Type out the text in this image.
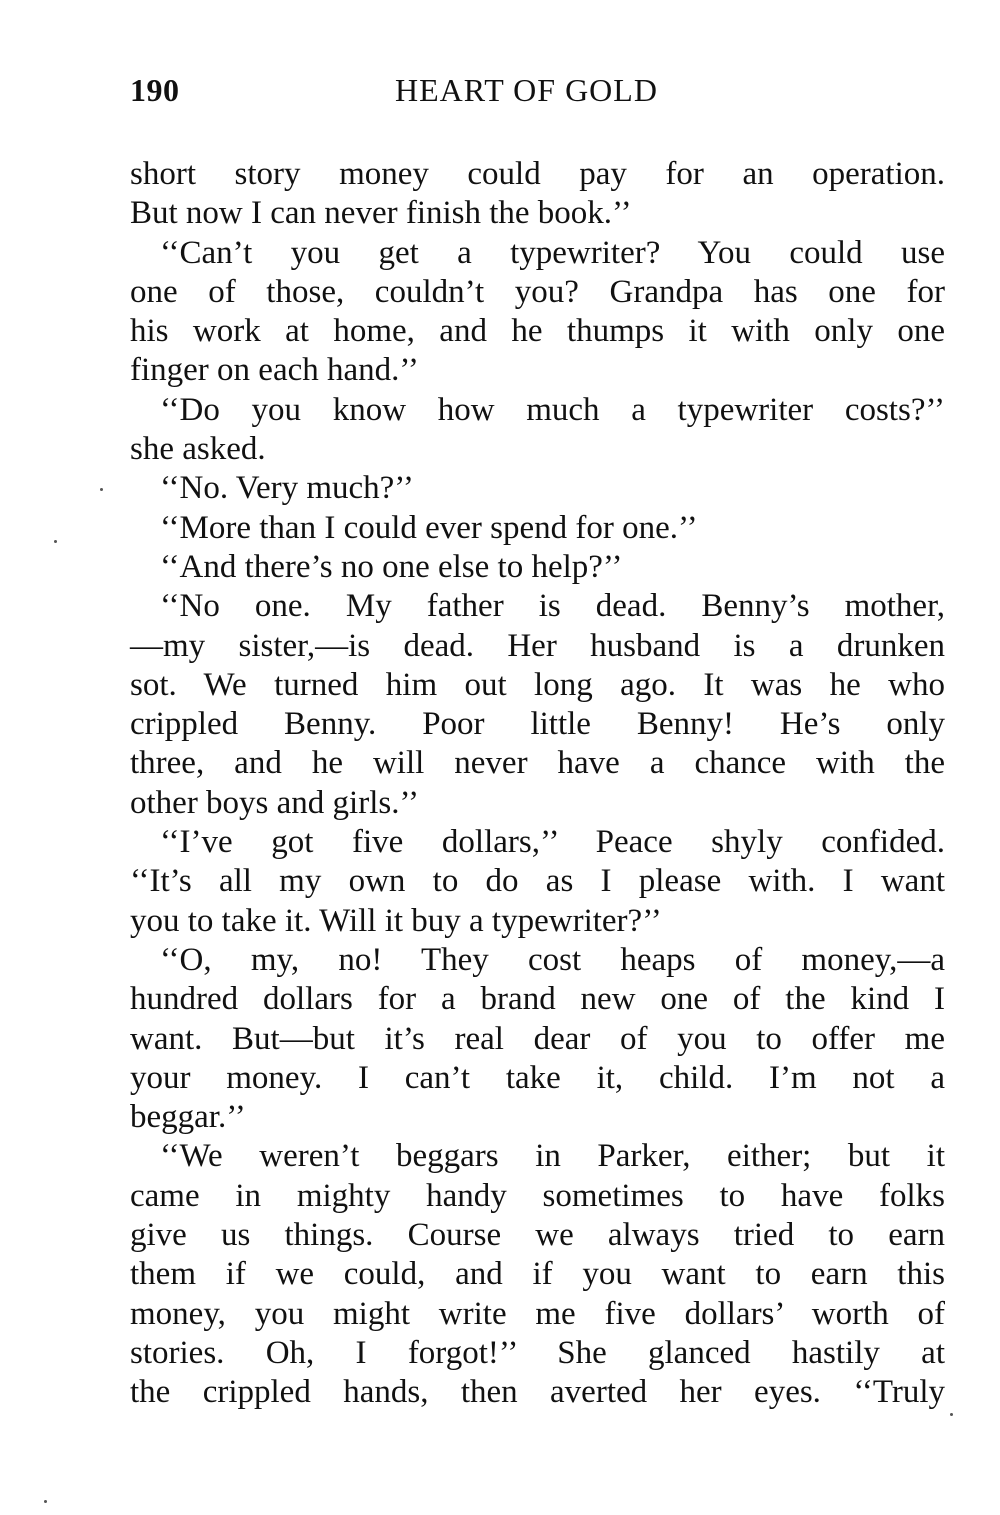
190	HEART OF GOLD
short story money could pay for an operation.
But now I can never finish the book.’’
‘‘Can’t you get a typewriter? You could use
one of those, couldn’t you? Grandpa has one for
his work at home, and he thumps it with only one
finger on each hand.’’
‘‘Do you know how much a typewriter costs?’’
she asked.
‘‘No. Very much?’’
‘‘More than I could ever spend for one.’’
‘‘And there’s no one else to help?’’
‘‘No one. My father is dead. Benny’s mother,
—my sister,—is dead. Her husband is a drunken
sot. We turned him out long ago. It was he who
crippled Benny. Poor little Benny! He’s only
three, and he will never have a chance with the
other boys and girls.’’
‘‘I’ve got five dollars,’’ Peace shyly confided.
‘‘It’s all my own to do as I please with. I want
you to take it. Will it buy a typewriter?’’
‘‘O, my, no! They cost heaps of money,—a
hundred dollars for a brand new one of the kind I
want. But—but it’s real dear of you to offer me
your money. I can’t take it, child. I’m not a
beggar.’’
‘‘We weren’t beggars in Parker, either; but it
came in mighty handy sometimes to have folks
give us things. Course we always tried to earn
them if we could, and if you want to earn this
money, you might write me five dollars’ worth of
stories. Oh, I forgot!’’ She glanced hastily at
the crippled hands, then averted her eyes. ‘‘Truly
